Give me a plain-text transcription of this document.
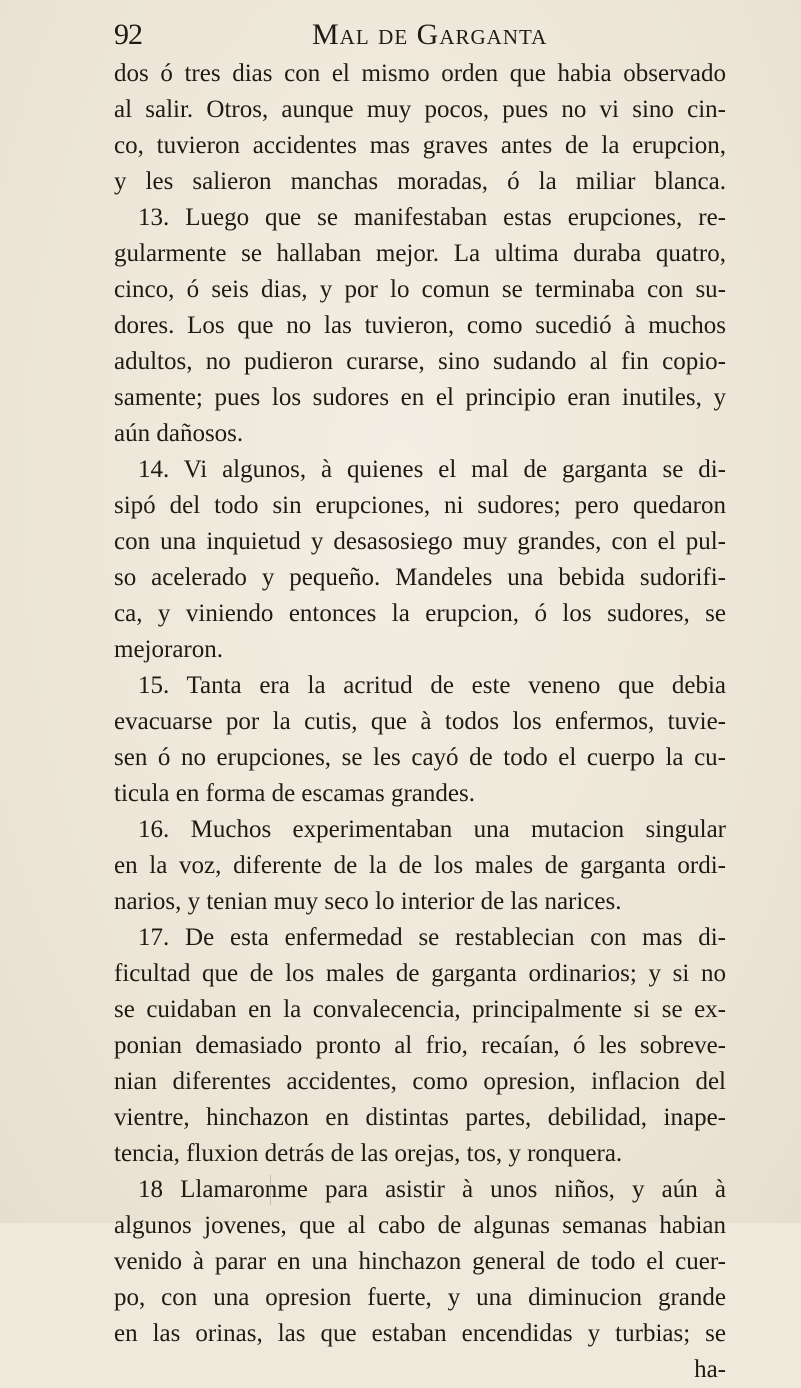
92	Mal de Garganta
dos ó tres dias con el mismo orden que habia observado
al salir. Otros, aunque muy pocos, pues no vi sino cin-
co, tuvieron accidentes mas graves antes de la erupcion,
y les salieron manchas moradas, ó la miliar blanca.
13. Luego que se manifestaban estas erupciones, re-
gularmente se hallaban mejor. La ultima duraba quatro,
cinco, ó seis dias, y por lo comun se terminaba con su-
dores. Los que no las tuvieron, como sucedió à muchos
adultos, no pudieron curarse, sino sudando al fin copio-
samente; pues los sudores en el principio eran inutiles, y
aún dañosos.
14. Vi algunos, à quienes el mal de garganta se di-
sipó del todo sin erupciones, ni sudores; pero quedaron
con una inquietud y desasosiego muy grandes, con el pul-
so acelerado y pequeño. Mandeles una bebida sudorifi-
ca, y viniendo entonces la erupcion, ó los sudores, se
mejoraron.
15. Tanta era la acritud de este veneno que debia
evacuarse por la cutis, que à todos los enfermos, tuvie-
sen ó no erupciones, se les cayó de todo el cuerpo la cu-
ticula en forma de escamas grandes.
16. Muchos experimentaban una mutacion singular
en la voz, diferente de la de los males de garganta ordi-
narios, y tenian muy seco lo interior de las narices.
17. De esta enfermedad se restablecian con mas di-
ficultad que de los males de garganta ordinarios; y si no
se cuidaban en la convalecencia, principalmente si se ex-
ponian demasiado pronto al frio, recaían, ó les sobreve-
nian diferentes accidentes, como opresion, inflacion del
vientre, hinchazon en distintas partes, debilidad, inape-
tencia, fluxion detrás de las orejas, tos, y ronquera.
18 Llamaronme para asistir à unos niños, y aún à
algunos jovenes, que al cabo de algunas semanas habian
venido à parar en una hinchazon general de todo el cuer-
po, con una opresion fuerte, y una diminucion grande
en las orinas, las que estaban encendidas y turbias; se
ha-
